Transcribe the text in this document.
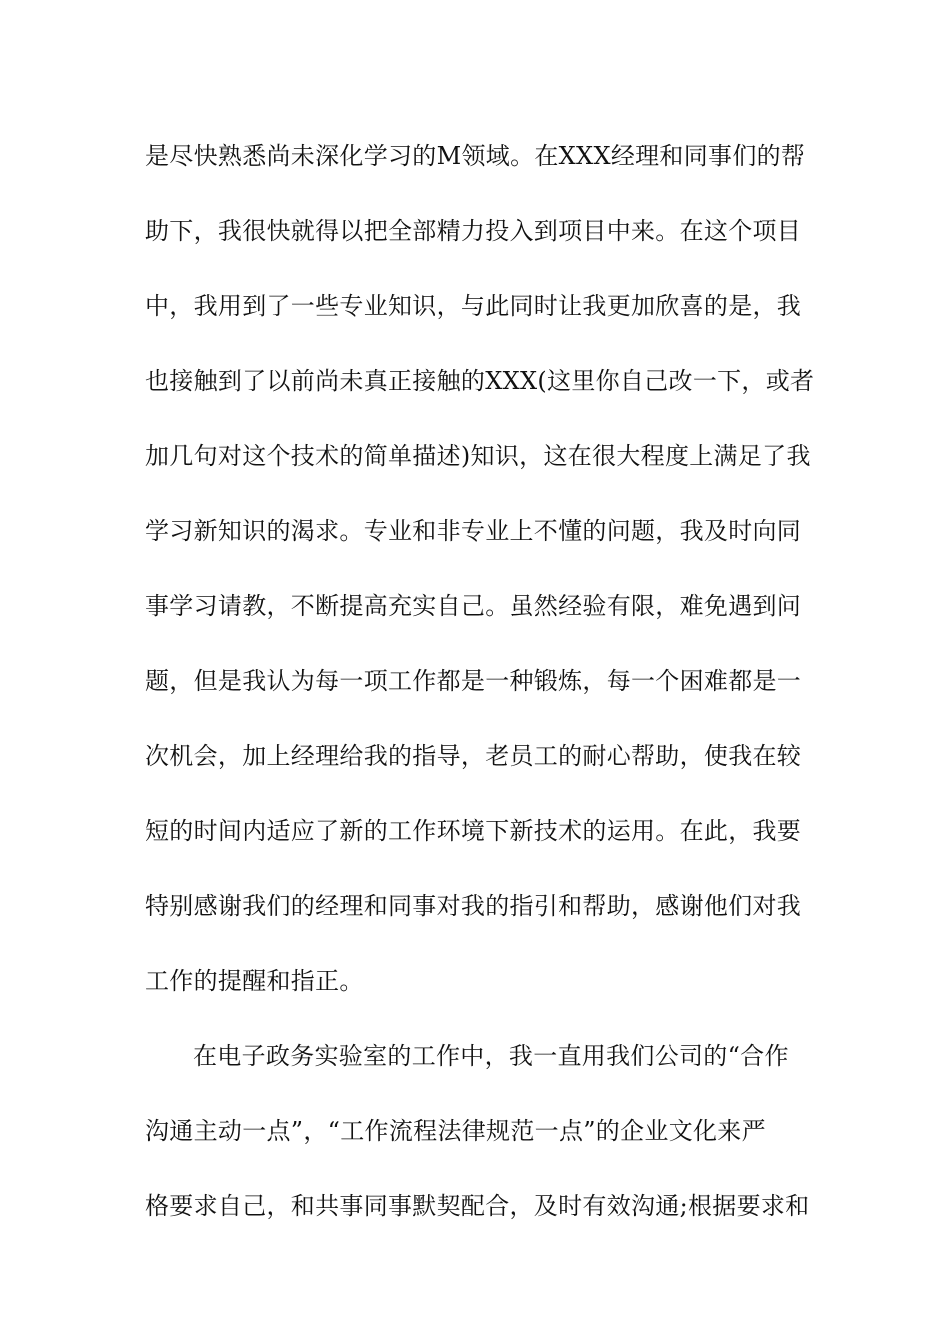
是尽快熟悉尚未深化学习的M领域。在XXX经理和同事们的帮
助下，我很快就得以把全部精力投入到项目中来。在这个项目
中，我用到了一些专业知识，与此同时让我更加欣喜的是，我
也接触到了以前尚未真正接触的XXX(这里你自己改一下，或者
加几句对这个技术的简单描述)知识，这在很大程度上满足了我
学习新知识的渴求。专业和非专业上不懂的问题，我及时向同
事学习请教，不断提高充实自己。虽然经验有限，难免遇到问
题，但是我认为每一项工作都是一种锻炼，每一个困难都是一
次机会，加上经理给我的指导，老员工的耐心帮助，使我在较
短的时间内适应了新的工作环境下新技术的运用。在此，我要
特别感谢我们的经理和同事对我的指引和帮助，感谢他们对我
工作的提醒和指正。
在电子政务实验室的工作中，我一直用我们公司的“合作
沟通主动一点”，“工作流程法律规范一点”的企业文化来严
格要求自己，和共事同事默契配合，及时有效沟通;根据要求和
